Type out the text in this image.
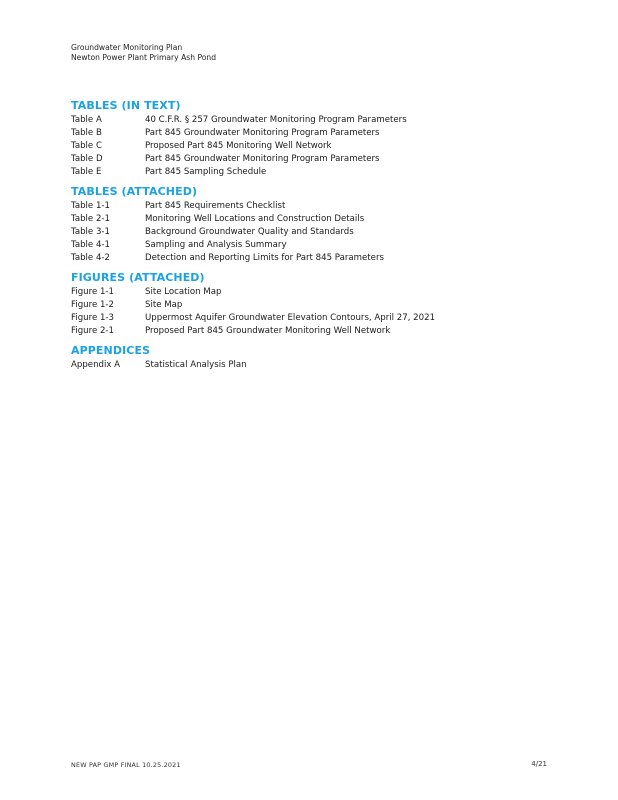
Groundwater Monitoring Plan
Newton Power Plant Primary Ash Pond
TABLES (IN TEXT)
Table A	40 C.F.R. § 257 Groundwater Monitoring Program Parameters
Table B	Part 845 Groundwater Monitoring Program Parameters
Table C	Proposed Part 845 Monitoring Well Network
Table D	Part 845 Groundwater Monitoring Program Parameters
Table E	Part 845 Sampling Schedule
TABLES (ATTACHED)
Table 1-1	Part 845 Requirements Checklist
Table 2-1	Monitoring Well Locations and Construction Details
Table 3-1	Background Groundwater Quality and Standards
Table 4-1	Sampling and Analysis Summary
Table 4-2	Detection and Reporting Limits for Part 845 Parameters
FIGURES (ATTACHED)
Figure 1-1	Site Location Map
Figure 1-2	Site Map
Figure 1-3	Uppermost Aquifer Groundwater Elevation Contours, April 27, 2021
Figure 2-1	Proposed Part 845 Groundwater Monitoring Well Network
APPENDICES
Appendix A	Statistical Analysis Plan
NEW PAP GMP FINAL 10.25.2021	4/21
